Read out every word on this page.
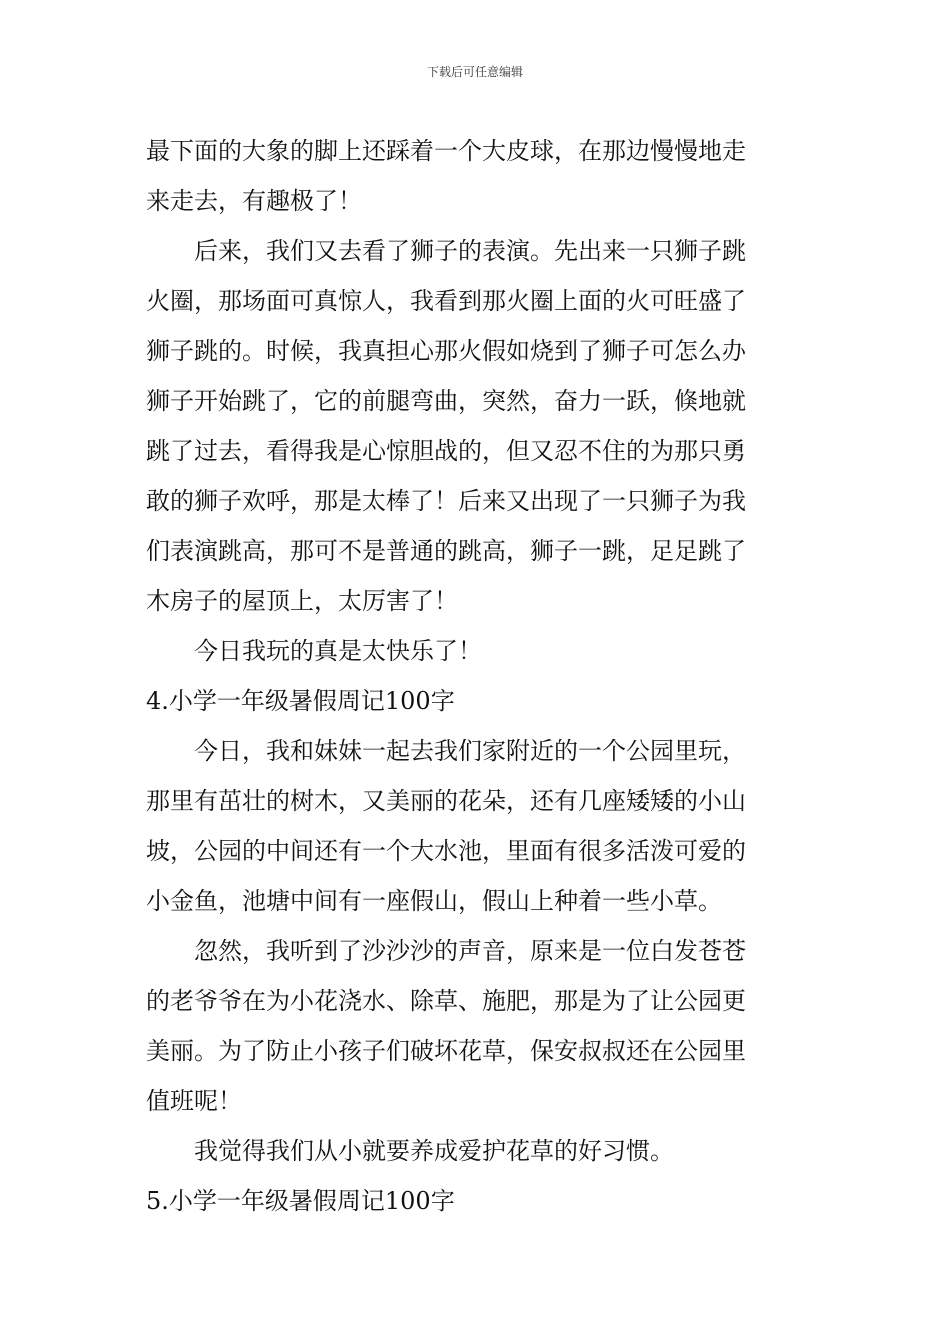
下载后可任意编辑

最下面的大象的脚上还踩着一个大皮球，在那边慢慢地走
来走去，有趣极了！

后来，我们又去看了狮子的表演。先出来一只狮子跳
火圈，那场面可真惊人，我看到那火圈上面的火可旺盛了
狮子跳的。时候，我真担心那火假如烧到了狮子可怎么办
狮子开始跳了，它的前腿弯曲，突然，奋力一跃，倏地就
跳了过去，看得我是心惊胆战的，但又忍不住的为那只勇
敢的狮子欢呼，那是太棒了！后来又出现了一只狮子为我
们表演跳高，那可不是普通的跳高，狮子一跳，足足跳了
木房子的屋顶上，太厉害了！

今日我玩的真是太快乐了！

4.小学一年级暑假周记100字

今日，我和妹妹一起去我们家附近的一个公园里玩，
那里有茁壮的树木，又美丽的花朵，还有几座矮矮的小山
坡，公园的中间还有一个大水池，里面有很多活泼可爱的
小金鱼，池塘中间有一座假山，假山上种着一些小草。

忽然，我听到了沙沙沙的声音，原来是一位白发苍苍
的老爷爷在为小花浇水、除草、施肥，那是为了让公园更
美丽。为了防止小孩子们破坏花草，保安叔叔还在公园里
值班呢！

我觉得我们从小就要养成爱护花草的好习惯。

5.小学一年级暑假周记100字
